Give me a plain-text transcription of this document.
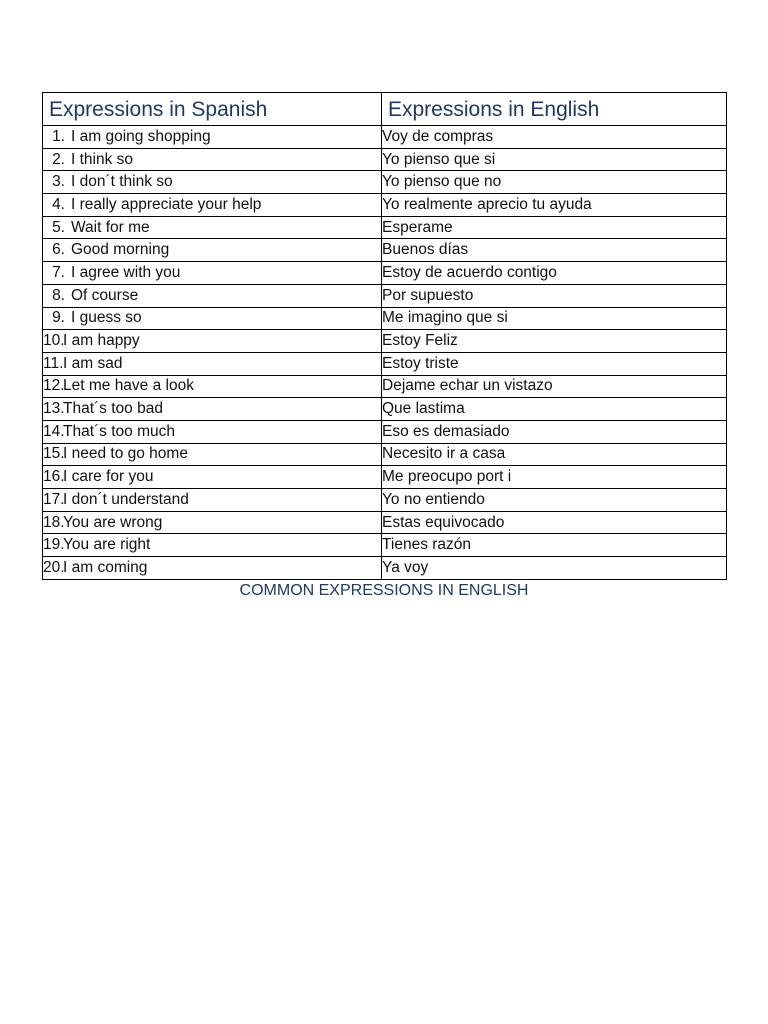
Expressions in Spanish	Expressions in English
1. I am going shopping	Voy de compras
2. I think so	Yo pienso que si
3. I don´t think so	Yo pienso que no
4. I really appreciate your help	Yo realmente aprecio tu ayuda
5. Wait for me	Esperame
6. Good morning	Buenos días
7. I agree with you	Estoy de acuerdo contigo
8. Of course	Por supuesto
9. I guess so	Me imagino que si
10.I am happy	Estoy Feliz
11.I am sad	Estoy triste
12.Let me have a look	Dejame echar un vistazo
13.That´s too bad	Que lastima
14.That´s too much	Eso es demasiado
15.I need to go home	Necesito ir a casa
16.I care for you	Me preocupo port i
17.I don´t understand	Yo no entiendo
18.You are wrong	Estas equivocado
19.You are right	Tienes razón
20.I am coming	Ya voy
COMMON EXPRESSIONS IN ENGLISH
